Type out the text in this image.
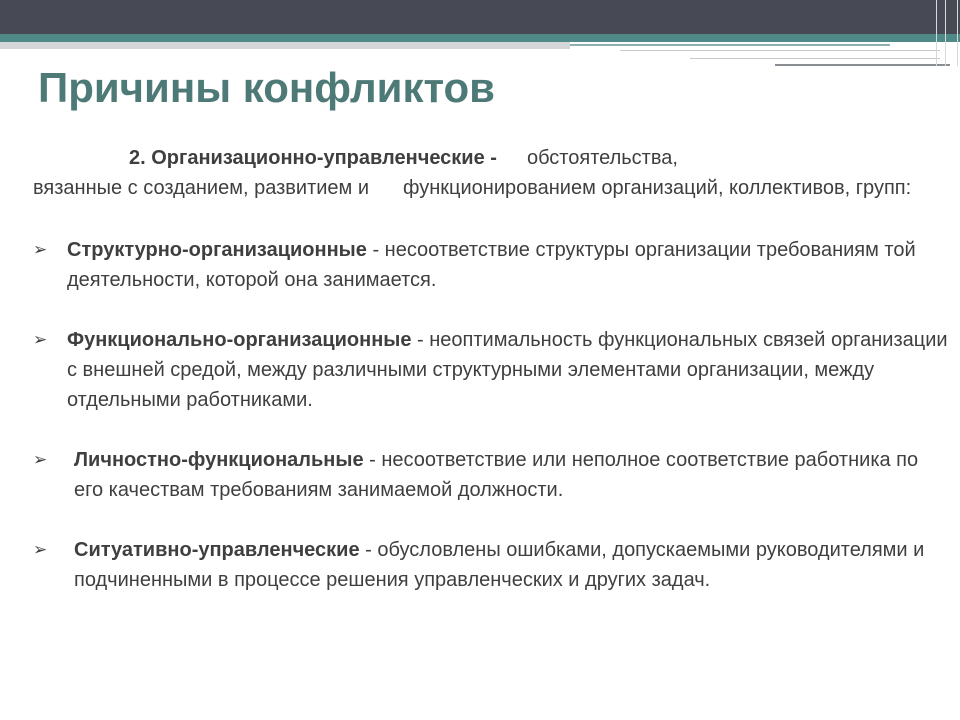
Причины конфликтов

2. Организационно-управленческие - обстоятельства,
вязанные с созданием, развитием и функционированием организаций, коллективов, групп:

➢ Структурно-организационные - несоответствие структуры организации требованиям той деятельности, которой она занимается.
➢ Функционально-организационные - неоптимальность функциональных связей организации с внешней средой, между различными структурными элементами организации, между отдельными работниками.
➢	Личностно-функциональные - несоответствие или неполное соответствие работника по его качествам требованиям занимаемой должности.
➢	Ситуативно-управленческие - обусловлены ошибками, допускаемыми руководителями и подчиненными в процессе решения управленческих и других задач.
